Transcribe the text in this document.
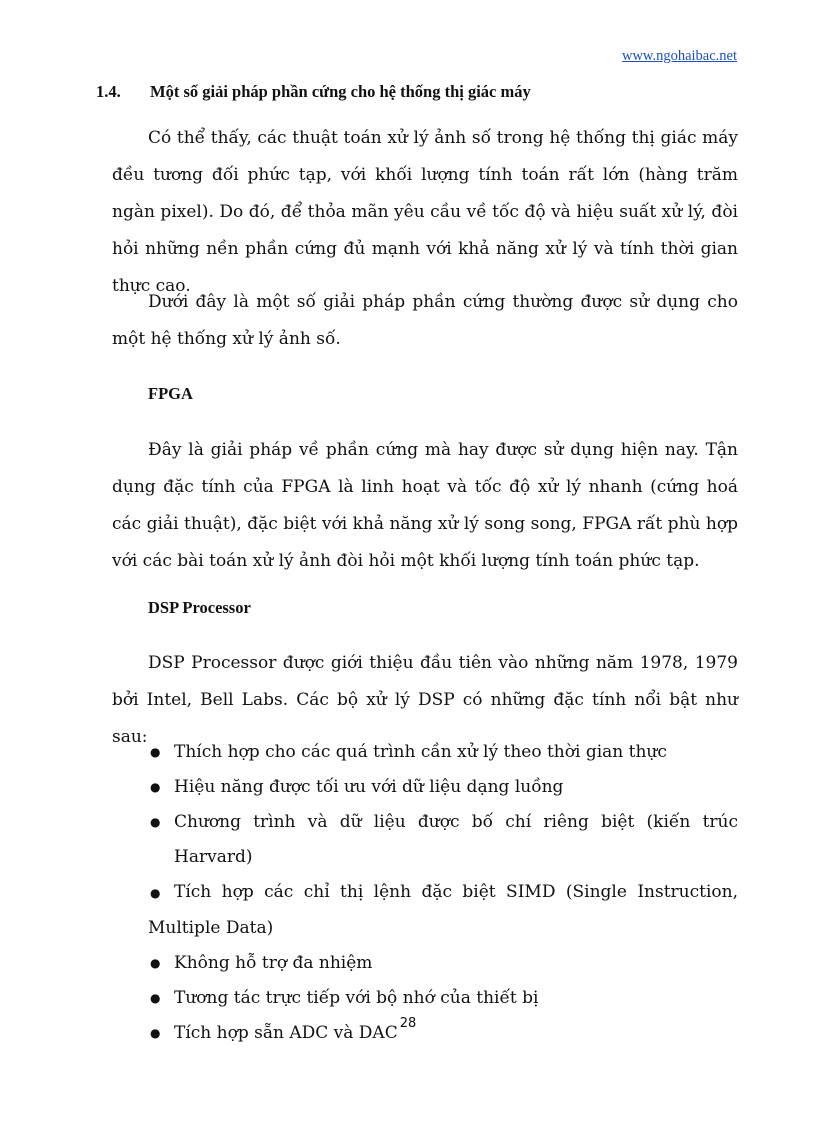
www.ngohaibac.net
1.4. Một số giải pháp phần cứng cho hệ thống thị giác máy

Có thể thấy, các thuật toán xử lý ảnh số trong hệ thống thị giác máy đều tương đối phức tạp, với khối lượng tính toán rất lớn (hàng trăm ngàn pixel). Do đó, để thỏa mãn yêu cầu về tốc độ và hiệu suất xử lý, đòi hỏi những nền phần cứng đủ mạnh với khả năng xử lý và tính thời gian thực cao.

Dưới đây là một số giải pháp phần cứng thường được sử dụng cho một hệ thống xử lý ảnh số.

FPGA

Đây là giải pháp về phần cứng mà hay được sử dụng hiện nay. Tận dụng đặc tính của FPGA là linh hoạt và tốc độ xử lý nhanh (cứng hoá các giải thuật), đặc biệt với khả năng xử lý song song, FPGA rất phù hợp với các bài toán xử lý ảnh đòi hỏi một khối lượng tính toán phức tạp.

DSP Processor

DSP Processor được giới thiệu đầu tiên vào những năm 1978, 1979 bởi Intel, Bell Labs. Các bộ xử lý DSP có những đặc tính nổi bật như sau:

● Thích hợp cho các quá trình cần xử lý theo thời gian thực
● Hiệu năng được tối ưu với dữ liệu dạng luồng
● Chương trình và dữ liệu được bố chí riêng biệt (kiến trúc Harvard)
● Tích hợp các chỉ thị lệnh đặc biệt SIMD (Single Instruction, Multiple Data)
● Không hỗ trợ đa nhiệm
● Tương tác trực tiếp với bộ nhớ của thiết bị
● Tích hợp sẵn ADC và DAC 28
